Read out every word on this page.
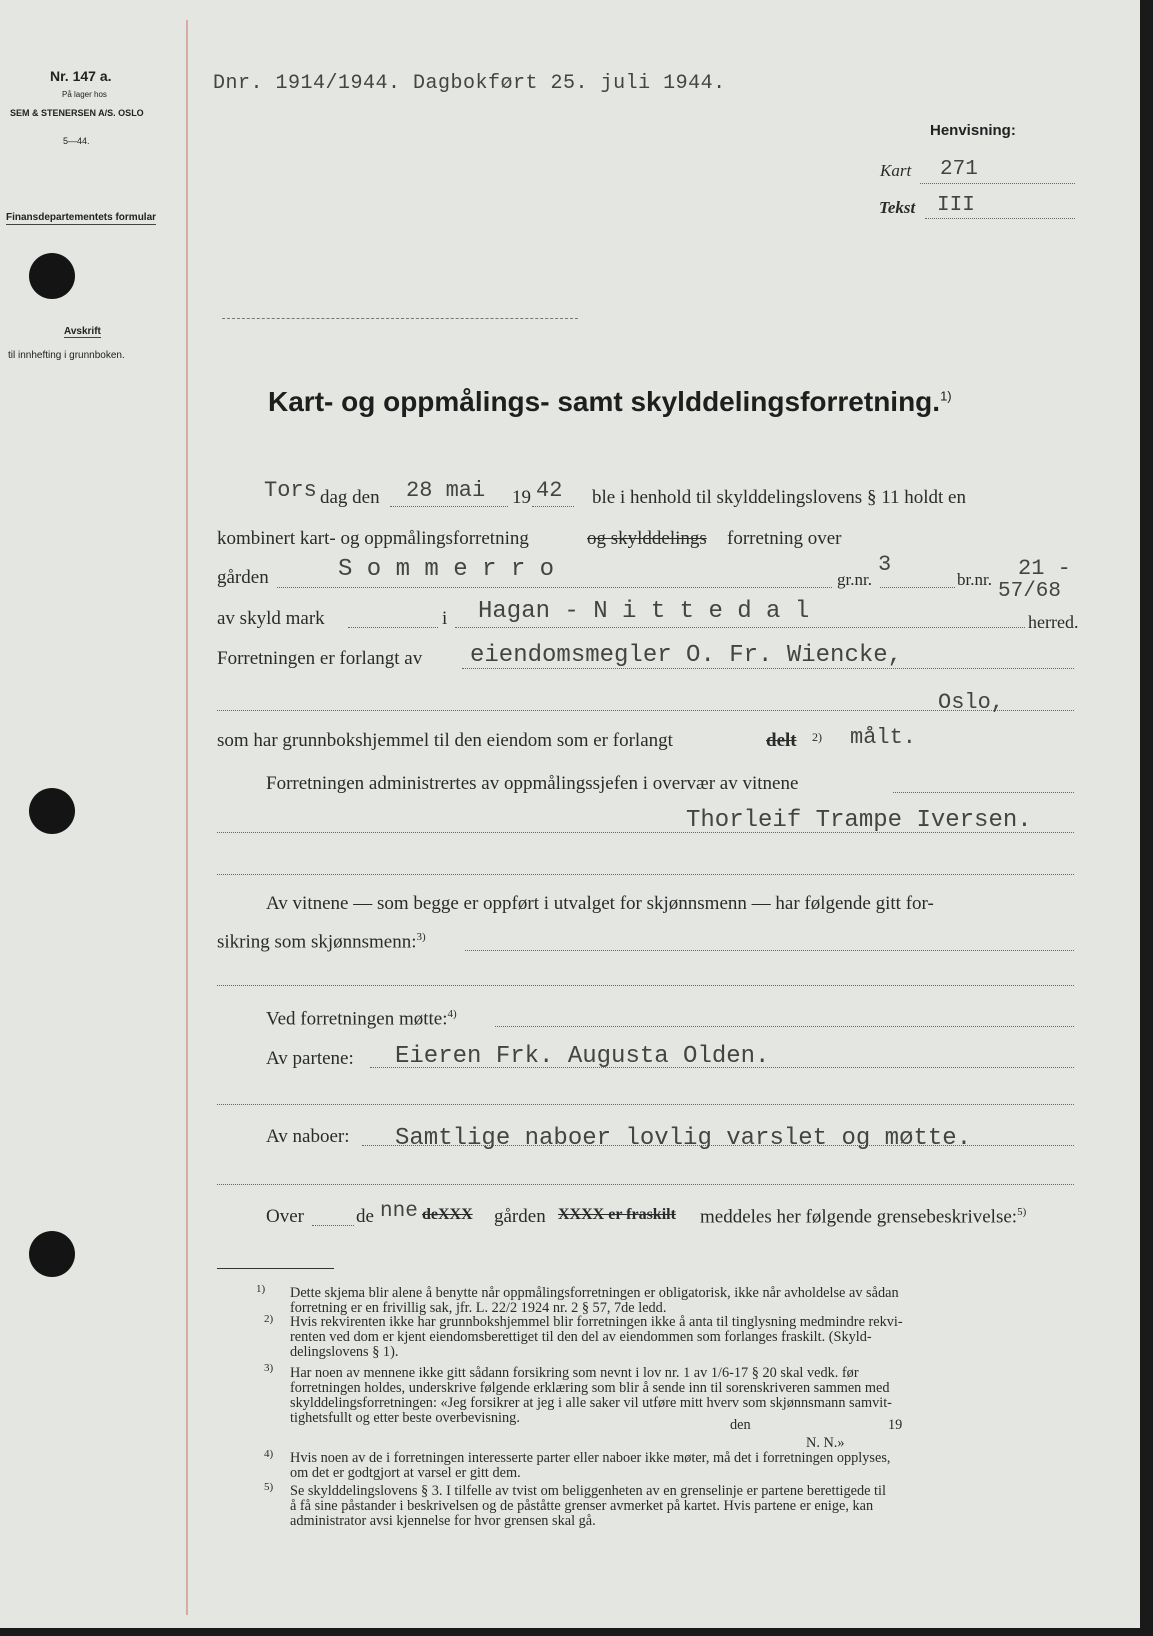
Nr. 147 a.
På lager hos
SEM & STENERSEN A/S. OSLO
5—44.
Finansdepartementets formular
Avskrift
til innhefting i grunnboken.
Dnr. 1914/1944. Dagbokført 25. juli 1944.
Henvisning:
Kart 271
Tekst III
Kart- og oppmålings- samt skylddelingsforretning.$^{1)}$
Tors dag den 28 mai 19 42 ble i henhold til skylddelingslovens § 11 holdt en
kombinert kart- og oppmålingsforretning	og skylddelings forretning over
gården	S o m m e r r o	gr.nr.
3
br.nr. 21 -
57/68
av skyld mark	i Hagan - N i t t e d a l	herred.
Forretningen er forlangt av eiendomsmegler O. Fr. Wiencke,
Oslo,
som har grunnbokshjemmel til den eiendom som er forlangt	delt 2) målt.
Forretningen administrertes av oppmålingssjefen i overvær av vitnene
Thorleif Trampe Iversen.
Av vitnene — som begge er oppført i utvalget for skjønnsmenn — har følgende gitt for-
sikring som skjønnsmenn:$^{3)}$
Ved forretningen møtte:$^{4)}$
Av partene: Eieren Frk. Augusta Olden.
Av naboer: Samtlige naboer lovlig varslet og møtte.
Over	de nne deXXX gården XXXX er fraskilt meddeles her følgende grensebeskrivelse:$^{5)}$
1) Dette skjema blir alene å benytte når oppmålingsforretningen er obligatorisk, ikke når avholdelse av sådan
forretning er en frivillig sak, jfr. L. 22/2 1924 nr. 2 § 57, 7de ledd.
2) Hvis rekvirenten ikke har grunnbokshjemmel blir forretningen ikke å anta til tinglysning medmindre rekvi-
renten ved dom er kjent eiendomsberettiget til den del av eiendommen som forlanges fraskilt. (Skyld-
delingslovens § 1).
3) Har noen av mennene ikke gitt sådann forsikring som nevnt i lov nr. 1 av 1/6-17 § 20 skal vedk. før
forretningen holdes, underskrive følgende erklæring som blir å sende inn til sorenskriveren sammen med
skylddelingsforretningen: «Jeg forsikrer at jeg i alle saker vil utføre mitt hverv som skjønnsmann samvit-
tighetsfullt og etter beste overbevisning.	den	19
N. N.»
4) Hvis noen av de i forretningen interesserte parter eller naboer ikke møter, må det i forretningen opplyses,
om det er godtgjort at varsel er gitt dem.
5) Se skylddelingslovens § 3. I tilfelle av tvist om beliggenheten av en grenselinje er partene berettigede til
å få sine påstander i beskrivelsen og de påståtte grenser avmerket på kartet. Hvis partene er enige, kan
administrator avsi kjennelse for hvor grensen skal gå.
